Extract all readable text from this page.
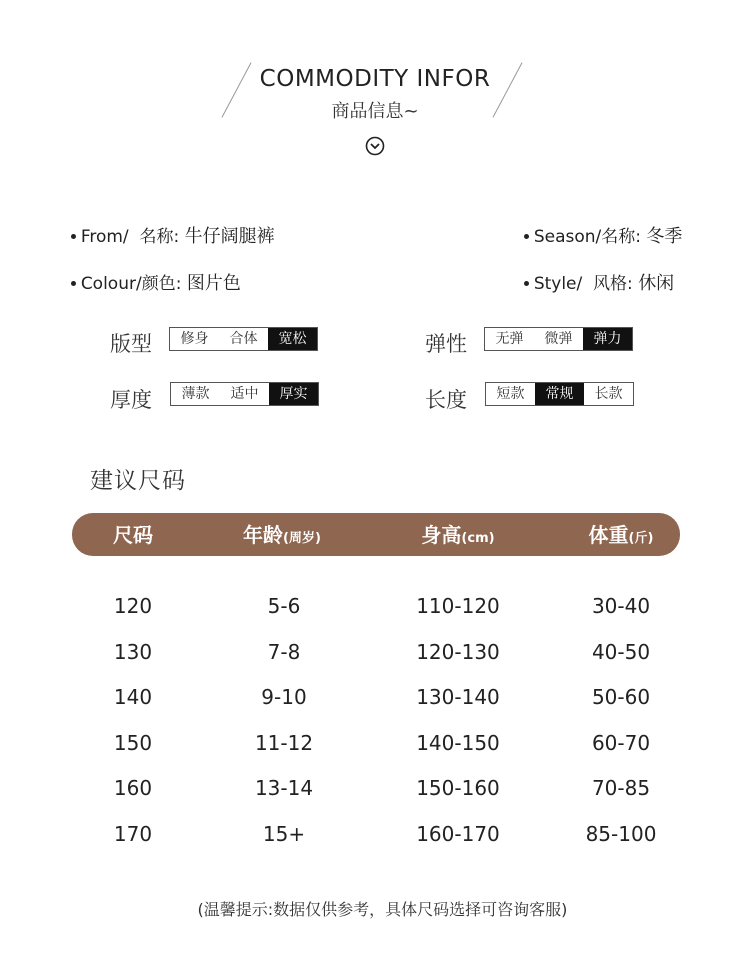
COMMODITY INFOR
商品信息~

From/  名称: 牛仔阔腿裤	Season/名称: 冬季

Colour/颜色: 图片色	Style/  风格: 休闲

版型	修身	合体	宽松	弹性	无弹	微弹	弹力
厚度	薄款	适中	厚实	长度	短款	常规	长款
建议尺码
尺码	年龄(周岁)	身高(cm)	体重(斤)
120	5-6	110-120	30-40
130	7-8	120-130	40-50
140	9-10	130-140	50-60
150	11-12	140-150	60-70
160	13-14	150-160	70-85
170	15+	160-170	85-100
(温馨提示:数据仅供参考，具体尺码选择可咨询客服)
